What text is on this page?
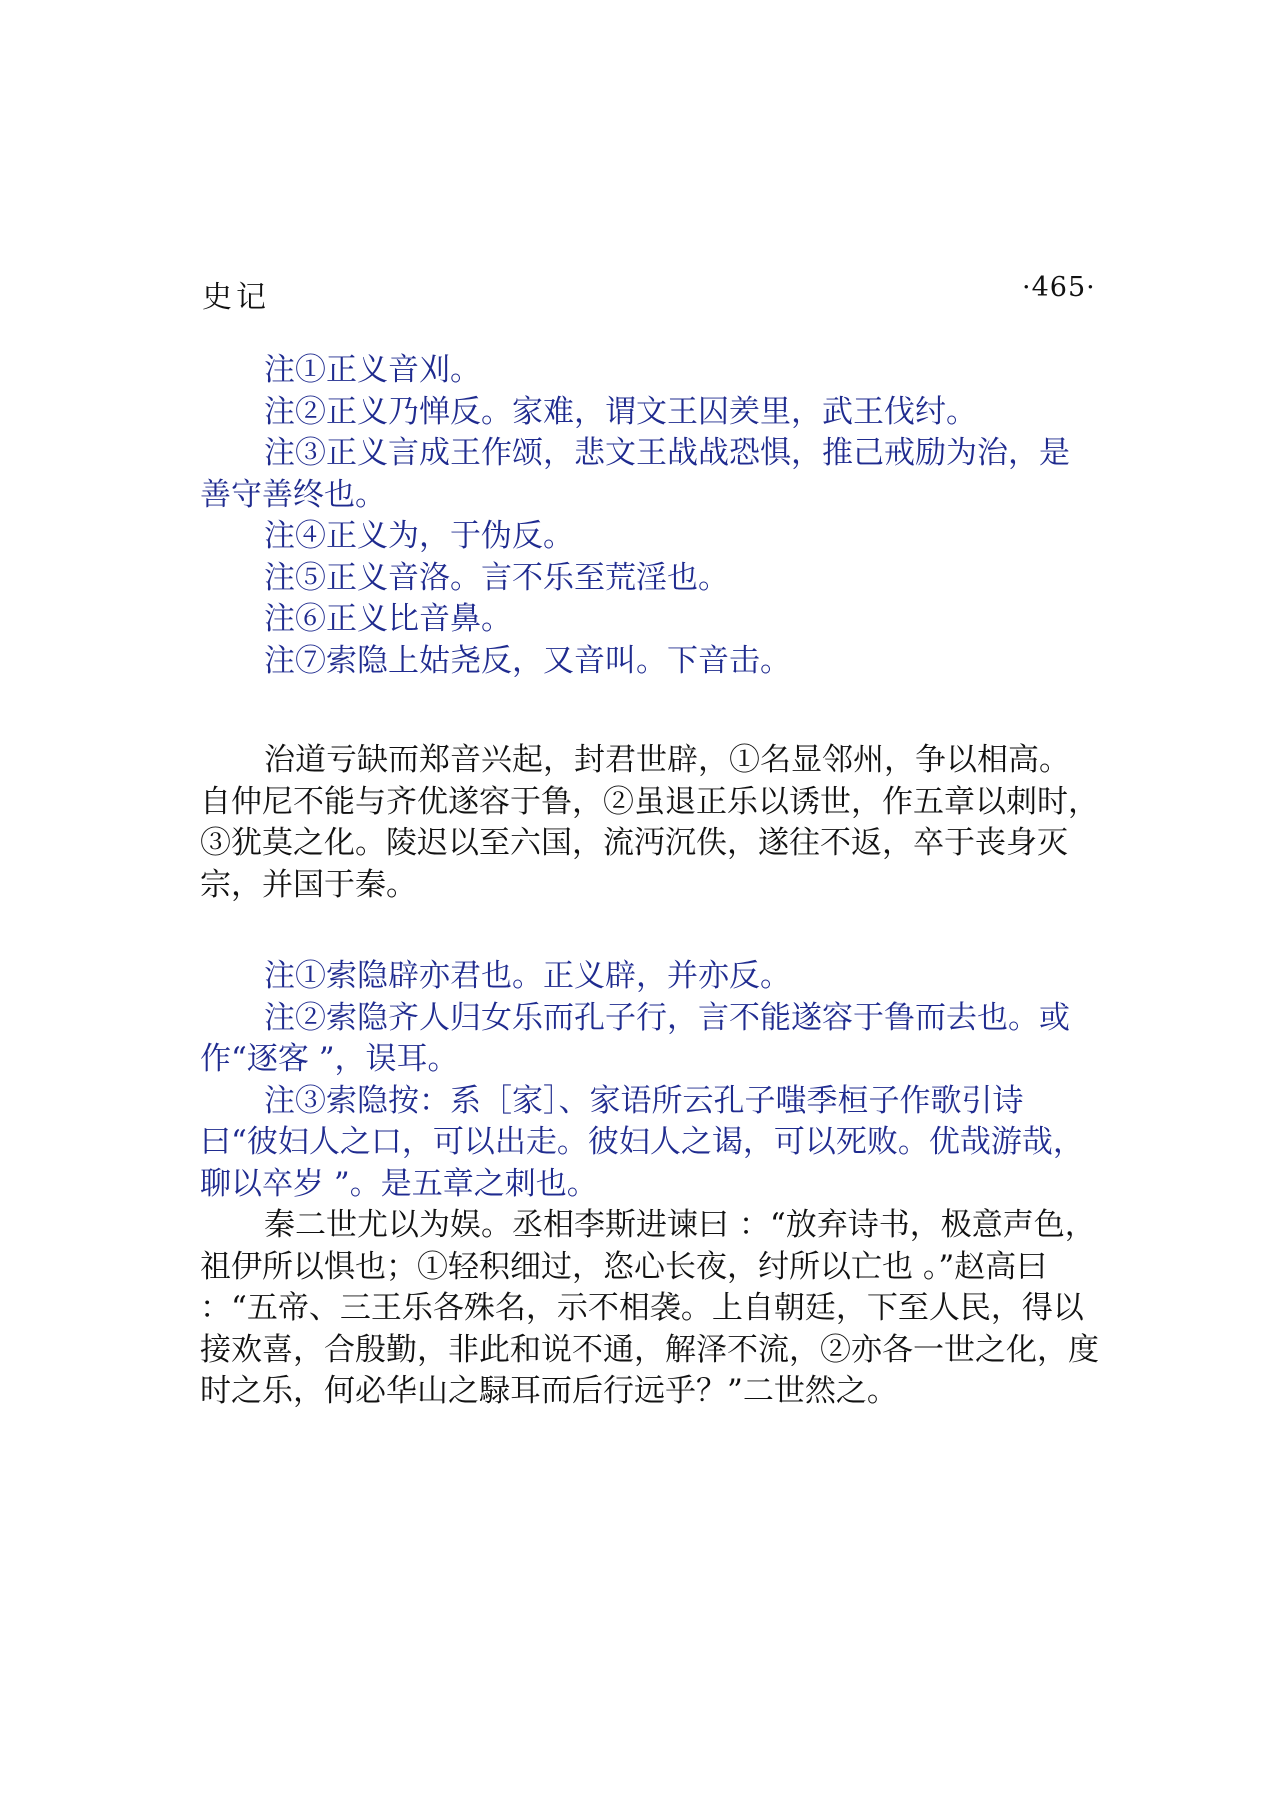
史记	·465·

注①正义音刈。

注②正义乃惮反。家难，谓文王囚羑里，武王伐纣。

注③正义言成王作颂，悲文王战战恐惧，推己戒励为治，是善守善终也。

注④正义为，于伪反。

注⑤正义音洛。言不乐至荒淫也。

注⑥正义比音鼻。

注⑦索隐上姑尧反，又音叫。下音击。

治道亏缺而郑音兴起，封君世辟，①名显邻州，争以相高。自仲尼不能与齐优遂容于鲁，②虽退正乐以诱世，作五章以刺时，③犹莫之化。陵迟以至六国，流沔沉佚，遂往不返，卒于丧身灭宗，并国于秦。

注①索隐辟亦君也。正义辟，并亦反。

注②索隐齐人归女乐而孔子行，言不能遂容于鲁而去也。或作“逐客 ”，误耳。

注③索隐按：系［家］、家语所云孔子嗤季桓子作歌引诗曰“彼妇人之口，可以出走。彼妇人之谒，可以死败。优哉游哉，聊以卒岁 ”。是五章之刺也。

秦二世尤以为娱。丞相李斯进谏曰 ：“放弃诗书，极意声色，祖伊所以惧也；①轻积细过，恣心长夜，纣所以亡也 。”赵高曰 ：“五帝、三王乐各殊名，示不相袭。上自朝廷，下至人民，得以接欢喜，合殷勤，非此和说不通，解泽不流，②亦各一世之化，度时之乐，何必华山之騄耳而后行远乎？”二世然之。
